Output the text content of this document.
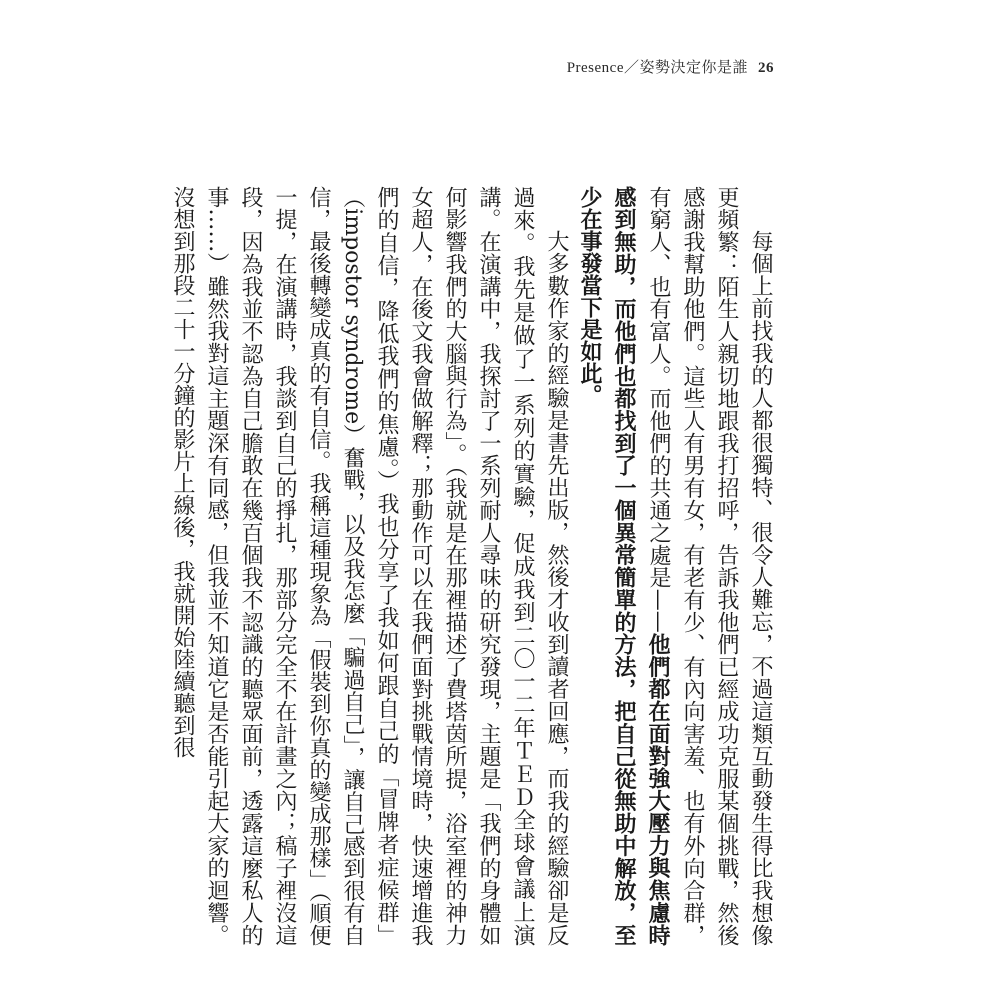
Presence／姿勢決定你是誰 26

每個上前找我的人都很獨特、很令人難忘，不過這類互動發生得比我想像更頻繁：陌生人親切地跟我打招呼，告訴我他們已經成功克服某個挑戰，然後感謝我幫助他們。這些人有男有女，有老有少、有內向害羞、也有外向合群，有窮人、也有富人。而他們的共通之處是——他們都在面對強大壓力與焦慮時感到無助，而他們也都找到了一個異常簡單的方法，把自己從無助中解放，至少在事發當下是如此。

大多數作家的經驗是書先出版，然後才收到讀者回應，而我的經驗卻是反過來。我先是做了一系列的實驗，促成我到二〇一二年ＴＥＤ全球會議上演講。在演講中，我探討了一系列耐人尋味的研究發現，主題是「我們的身體如何影響我們的大腦與行為」。（我就是在那裡描述了費塔茵所提，浴室裡的神力女超人，在後文我會做解釋；那動作可以在我們面對挑戰情境時，快速增進我們的自信，降低我們的焦慮。）我也分享了我如何跟自己的「冒牌者症候群」（impostor syndrome）奮戰，以及我怎麼「騙過自己」，讓自己感到很有自信，最後轉變成真的有自信。我稱這種現象為「假裝到你真的變成那樣」（順便一提，在演講時，我談到自己的掙扎，那部分完全不在計畫之內；稿子裡沒這段，因為我並不認為自己膽敢在幾百個我不認識的聽眾面前，透露這麼私人的事……）雖然我對這主題深有同感，但我並不知道它是否能引起大家的迴響。沒想到那段二十一分鐘的影片上線後，我就開始陸續聽到很
